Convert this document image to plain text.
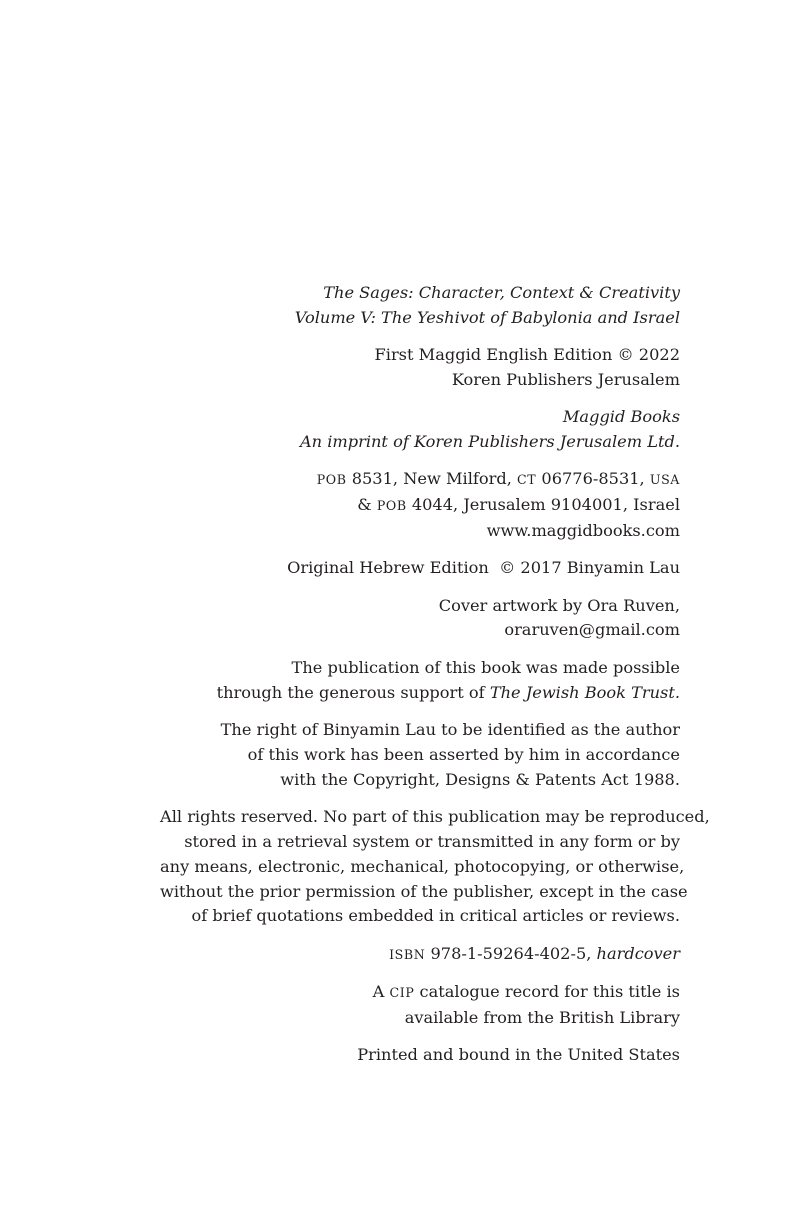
The Sages: Character, Context & Creativity
Volume V: The Yeshivot of Babylonia and Israel
First Maggid English Edition © 2022
Koren Publishers Jerusalem
Maggid Books
An imprint of Koren Publishers Jerusalem Ltd.
POB 8531, New Milford, CT 06776-8531, USA
& POB 4044, Jerusalem 9104001, Israel
www.maggidbooks.com
Original Hebrew Edition  © 2017 Binyamin Lau
Cover artwork by Ora Ruven,
oraruven@gmail.com
The publication of this book was made possible
through the generous support of The Jewish Book Trust.
The right of Binyamin Lau to be identified as the author
of this work has been asserted by him in accordance
with the Copyright, Designs & Patents Act 1988.
All rights reserved. No part of this publication may be reproduced,
stored in a retrieval system or transmitted in any form or by
any means, electronic, mechanical, photocopying, or otherwise,
without the prior permission of the publisher, except in the case
of brief quotations embedded in critical articles or reviews.
ISBN 978-1-59264-402-5, hardcover
A CIP catalogue record for this title is
available from the British Library
Printed and bound in the United States
